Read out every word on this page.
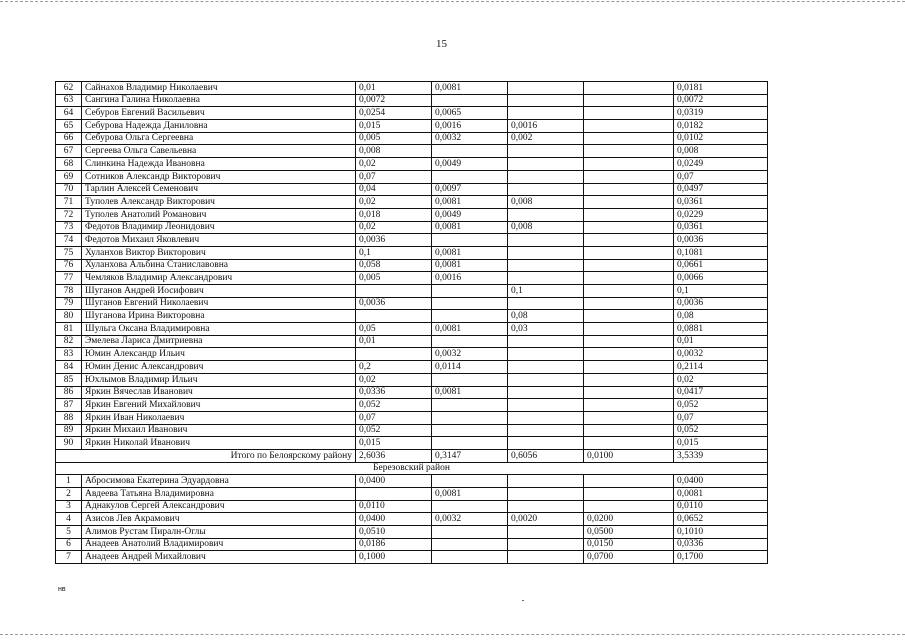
15
62	Сайнахов Владимир Николаевич	0,01	0,0081			0,0181
63	Сангина Галина Николаевна	0,0072				0,0072
64	Себуров Евгений Васильевич	0,0254	0,0065			0,0319
65	Себурова Надежда Даниловна	0,015	0,0016	0,0016		0,0182
66	Себурова Ольга Сергеевна	0,005	0,0032	0,002		0,0102
67	Сергеева Ольга Савельевна	0,008				0,008
68	Слинкина Надежда Ивановна	0,02	0,0049			0,0249
69	Сотников Александр Викторович	0,07				0,07
70	Тарлин Алексей Семенович	0,04	0,0097			0,0497
71	Туполев Александр Викторович	0,02	0,0081	0,008		0,0361
72	Туполев Анатолий Романович	0,018	0,0049			0,0229
73	Федотов Владимир Леонидович	0,02	0,0081	0,008		0,0361
74	Федотов Михаил Яковлевич	0,0036				0,0036
75	Хуланхов Виктор Викторович	0,1	0,0081			0,1081
76	Хуланхова Альбина Станиславовна	0,058	0,0081			0,0661
77	Чемляков Владимир Александрович	0,005	0,0016			0,0066
78	Шуганов Андрей Иосифович			0,1		0,1
79	Шуганов Евгений Николаевич	0,0036				0,0036
80	Шуганова Ирина Викторовна			0,08		0,08
81	Шульга Оксана Владимировна	0,05	0,0081	0,03		0,0881
82	Эмелева Лариса Дмитриевна	0,01				0,01
83	Юмин Александр Ильич		0,0032			0,0032
84	Юмин Денис Александрович	0,2	0,0114			0,2114
85	Юхлымов Владимир Ильич	0,02				0,02
86	Яркин Вячеслав Иванович	0,0336	0,0081			0,0417
87	Яркин Евгений Михайлович	0,052				0,052
88	Яркин Иван Николаевич	0,07				0,07
89	Яркин Михаил Иванович	0,052				0,052
90	Яркин Николай Иванович	0,015				0,015
Итого по Белоярскому району		2,6036	0,3147	0,6056	0,0100	3,5339
Березовский район						
1	Абросимова Екатерина Эдуардовна	0,0400				0,0400
2	Авдеева Татьяна Владимировна		0,0081			0,0081
3	Аднакулов Сергей Александрович	0,0110				0,0110
4	Азисов Лев Акрамович	0,0400	0,0032	0,0020	0,0200	0,0652
5	Алимов Рустам Пиралн-Оглы	0,0510			0,0500	0,1010
6	Анадеев Анатолий Владимирович	0,0186			0,0150	0,0336
7	Анадеев Андрей Михайлович	0,1000			0,0700	0,1700
нв
